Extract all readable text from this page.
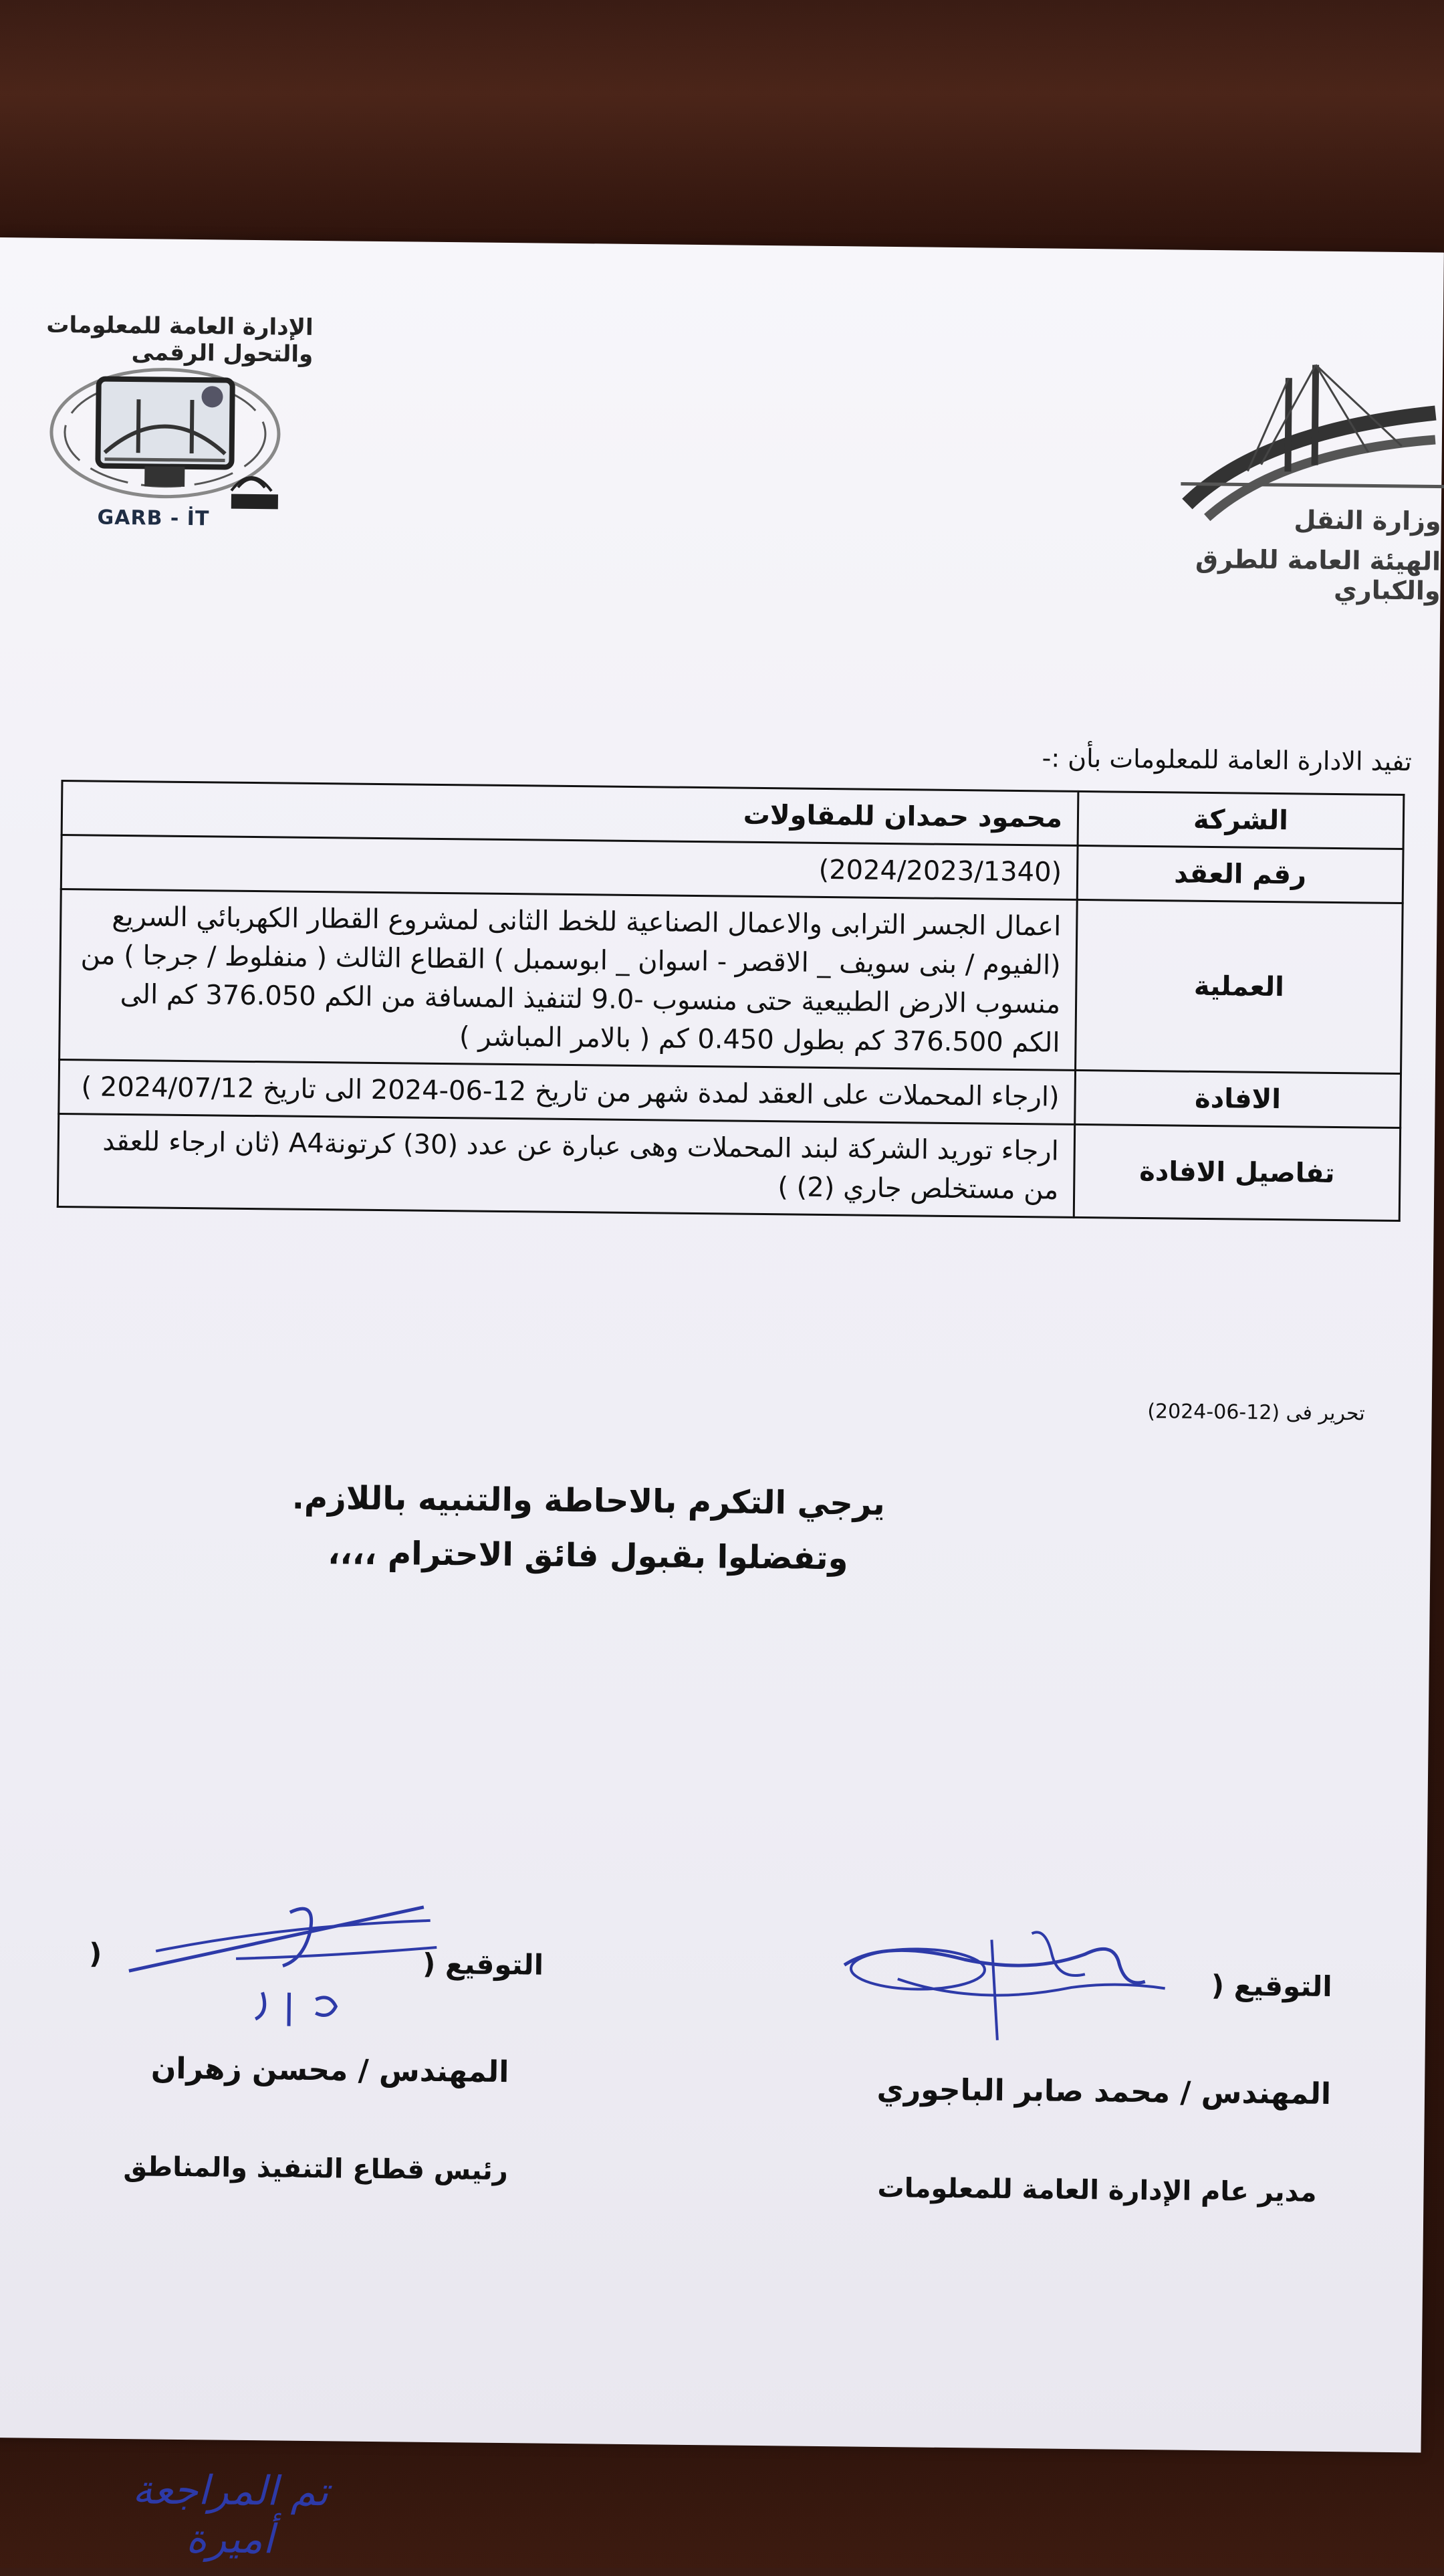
الإدارة العامة للمعلومات والتحول الرقمى
GARB - İT	وزارة النقل
الهيئة العامة للطرق والكباري
تفيد الادارة العامة للمعلومات بأن :-
الشركة	محمود حمدان للمقاولات
رقم العقد	(2024/2023/1340)
العملية	اعمال الجسر الترابى والاعمال الصناعية للخط الثانى لمشروع القطار الكهربائي السريع (الفيوم / بنى سويف _ الاقصر - اسوان _ ابوسمبل ) القطاع الثالث ( منفلوط / جرجا ) من منسوب الارض الطبيعية حتى منسوب -9.0 لتنفيذ المسافة من الكم 376.050 كم الى الكم 376.500 كم بطول 0.450 كم ( بالامر المباشر )
الافادة	(ارجاء المحملات على العقد لمدة شهر من تاريخ 12-06-2024 الى تاريخ 2024/07/12 )
تفاصيل الافادة	ارجاء توريد الشركة لبند المحملات وهى عبارة عن عدد (30) كرتونةA4 (ثان ارجاء للعقد من مستخلص جاري (2) )
تحرير فى (12-06-2024)
يرجي التكرم بالاحاطة والتنبيه باللازم.
وتفضلوا بقبول فائق الاحترام ،،،،
التوقيع (
المهندس / محمد صابر الباجوري
مدير عام الإدارة العامة للمعلومات
التوقيع (
)
المهندس / محسن زهران
رئيس قطاع التنفيذ والمناطق
تم المراجعة
أميرة
